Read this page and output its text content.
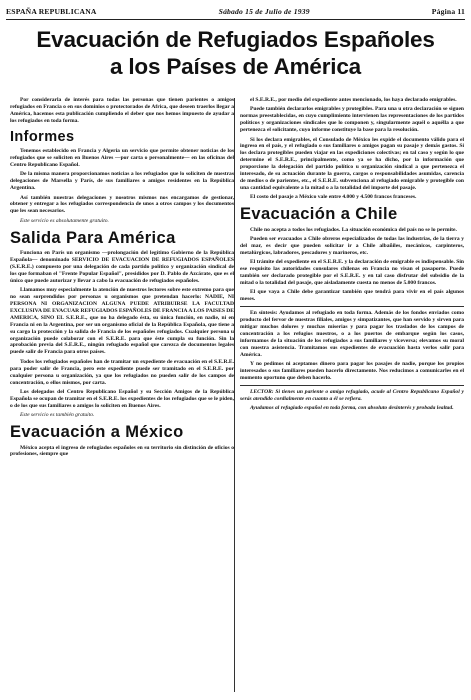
ESPAÑA REPUBLICANA	Sábado 15 de Julio de 1939	Página 11
Evacuación de Refugiados Españoles
a los Países de América

Por considerarla de interés para todas las personas que tienen parientes o amigos refugiados en Francia o en sus dominios o protectorados de Africa, que deseen traerlos llegar a América, hacemos esta publicación cumpliendo el deber que nos hemos impuesto de ayudar a los refugiados en toda forma.

Informes

Tenemos establecido en Francia y Algeria un servicio que permite obtener noticias de los refugiados que se soliciten en Buenos Aires —por carta o personalmente— en las oficinas del Centro Republicano Español.

De la misma manera proporcionamos noticias a los refugiados que lo soliciten de nuestras delegaciones de Marsella y París, de sus familiares o amigos residentes en la República Argentina.

Así también nuestras delegaciones y nosotros mismos nos encargamos de gestionar, obtener y entregar a los refugiados correspondencia de unos a otros campos y los documentos que les sean necesarios.

Este servicio es absolutamente gratuito.

Salida Para América

Funciona en París un organismo —prolongación del legítimo Gobierno de la República Española— denominado SERVICIO DE EVACUACION DE REFUGIADOS ESPAÑOLES (S.E.R.E.) compuesto por una delegación de cada partido político y organización sindical de los que formaban el "Frente Popular Español", presididos por D. Pablo de Azcárate, que es el único que puede autorizar y llevar a cabo la evacuación de refugiados españoles.

Llamamos muy especialmente la atención de nuestros lectores sobre este extremo para que no sean sorprendidos por personas u organismos que pretendan hacerlo: NADIE, NI PERSONA NI ORGANIZACION ALGUNA PUEDE ATRIBUIRSE LA FACULTAD EXCLUSIVA DE EVACUAR REFUGIADOS ESPAÑOLES DE FRANCIA A LOS PAISES DE AMERICA, SINO EL S.E.R.E., que no ha delegado ésta, su única función, en nadie, ni en Francia ni en la Argentina, por ser un organismo oficial de la República Española, que tiene a su cargo la protección y la salida de Francia de los españoles refugiados. Cualquier persona u organización puede colaborar con el S.E.R.E. para que éste cumpla su función. Sin la aprobación previa del S.E.R.E., ningún refugiado español que carezca de documentos legales puede salir de Francia para otros países.

Todos los refugiados españoles han de tramitar un expediente de evacuación en el S.E.R.E. para poder salir de Francia, pero este expediente puede ser tramitado en el S.E.R.E. por cualquier persona u organización, ya que los refugiados no pueden salir de los campos de concentración, o ellos mismos, por carta.

Los delegados del Centro Republicano Español y su Sección Amigos de la República Española se ocupan de tramitar en el S.E.R.E. los expedientes de los refugiados que se le piden, o de los que sus familiares o amigos lo soliciten en Buenos Aires.

Este servicio es también gratuito.

Evacuación a México

México acepta el ingreso de refugiados españoles en su territorio sin distinción de oficios o profesiones, siempre que

el S.E.R.E., por medio del expediente antes mencionado, los haya declarado emigrables.

Puede también declararlos emigrables y protegibles. Para una u otra declaración se siguen normas preestablecidas, en cuyo cumplimiento intervienen las representaciones de los partidos políticos y organizaciones sindicales que lo componen y, singularmente aquél o aquélla a que pertenezca el solicitante, cuyo informe constituye la base para la resolución.

Si los declara emigrables, el Consulado de México les expide el documento válido para el ingreso en el país, y el refugiado o sus familiares o amigos pagan su pasaje y demás gastos. Si los declara protegibles pueden viajar en las expediciones colectivas; en tal caso y según lo que determine el S.E.R.E., principalmente, como ya se ha dicho, por la información que proporcione la delegación del partido político u organización sindical a que pertenezca el interesado, de su actuación durante la guerra, cargos o responsabilidades asumidas, carencia de medios o de parientes, etc., el S.E.R.E. subvenciona al refugiado emigrable y protegible con una cantidad equivalente a la mitad o a la totalidad del importe del pasaje.

El costo del pasaje a México vale entre 4.000 y 4.500 francos franceses.

Evacuación a Chile

Chile no acepta a todos los refugiados. La situación económica del país no se lo permite.

Pueden ser evacuados a Chile obreros especializados de todas las industrias, de la tierra y del mar, es decir que pueden solicitar ir a Chile albañiles, mecánicos, carpinteros, metalúrgicos, labradores, pescadores y marineros, etc.

El trámite del expediente en el S.E.R.E. y la declaración de emigrable es indispensable. Sin ese requisito las autoridades consulares chilenas en Francia no visan el pasaporte. Puede también ser declarado protegible por el S.E.R.E. y en tal caso disfrutar del subsidio de la mitad o la totalidad del pasaje, que aisladamente cuesta no menos de 5.000 francos.

El que vaya a Chile debe garantizar también que tendrá para vivir en el país algunos meses.

En síntesis: Ayudamos al refugiado en toda forma. Además de los fondos enviados como producto del fervor de nuestras filiales, amigos y simpatizantes, que han servido y sirven para mitigar muchos dolores y muchas miserias y para pagar los traslados de los campos de concentración a los refugios nuestros, o a los puertos de embarque según los casos, informamos de la situación de los refugiados a sus familiares y viceversa; elevamos su moral con nuestra asistencia. Tramitamos sus expedientes de evacuación hasta verlos salir para América.

Y no pedimos ni aceptamos dinero para pagar los pasajes de nadie, porque los propios interesados o sus familiares pueden hacerlo directamente. Nos reducimos a comunicarles en el momento oportuno que deben hacerlo.

LECTOR: Si tienes un pariente o amigo refugiado, acude al Centro Republicano Español y serás atendido cordialmente en cuanto a él se refiera.

Ayudamos al refugiado español en toda forma, con absoluto desinterés y probada lealtad.
